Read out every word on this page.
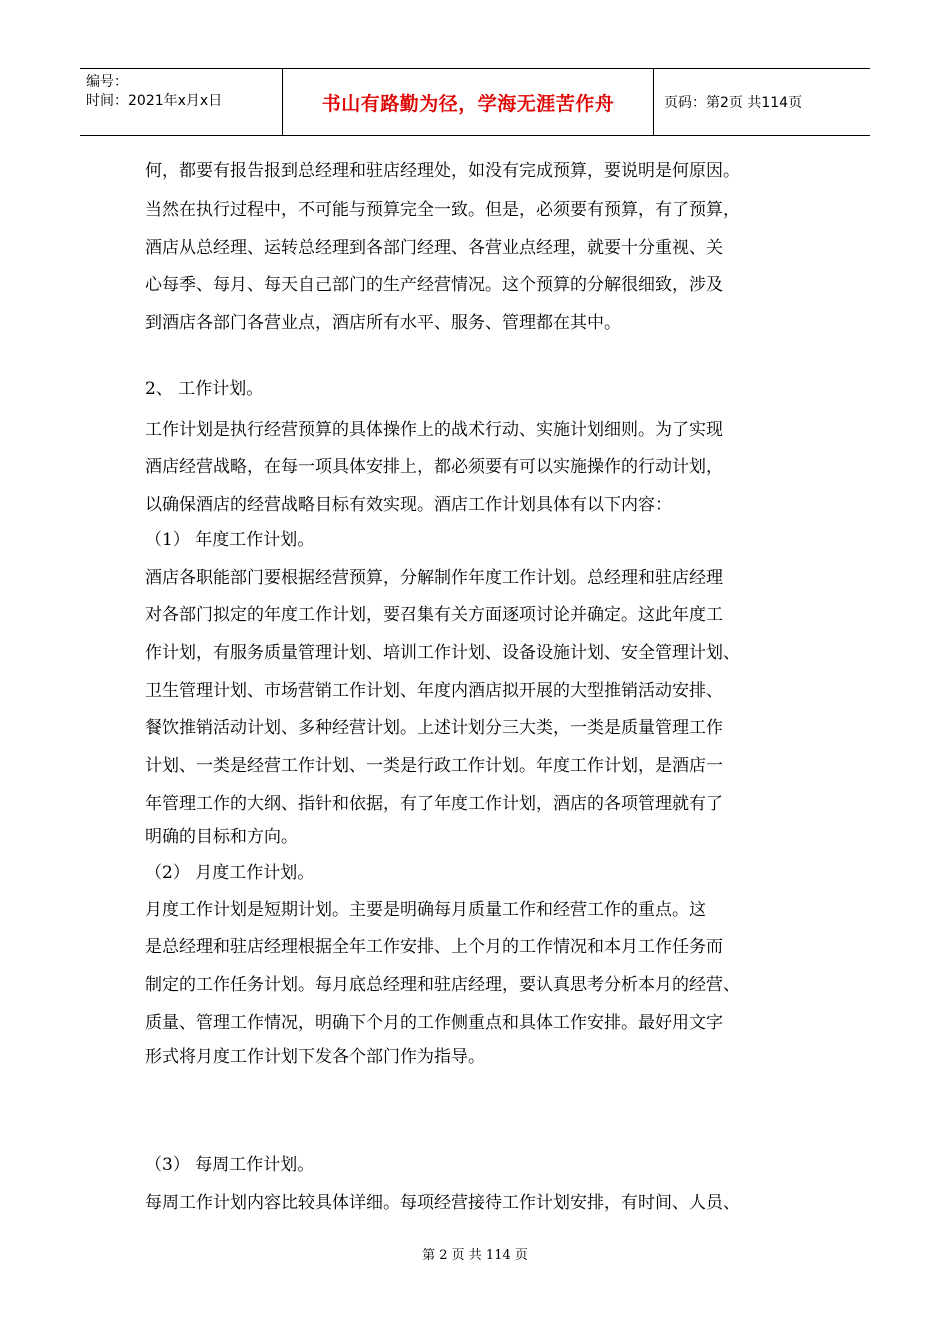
编号：
时间：2021年x月x日	书山有路勤为径，学海无涯苦作舟	页码：第2页 共114页
何，都要有报告报到总经理和驻店经理处，如没有完成预算，要说明是何原因。
当然在执行过程中，不可能与预算完全一致。但是，必须要有预算，有了预算，
酒店从总经理、运转总经理到各部门经理、各营业点经理，就要十分重视、关
心每季、每月、每天自己部门的生产经营情况。这个预算的分解很细致，涉及
到酒店各部门各营业点，酒店所有水平、服务、管理都在其中。
2、 工作计划。
工作计划是执行经营预算的具体操作上的战术行动、实施计划细则。为了实现
酒店经营战略，在每一项具体安排上，都必须要有可以实施操作的行动计划，
以确保酒店的经营战略目标有效实现。酒店工作计划具体有以下内容：
（1） 年度工作计划。
酒店各职能部门要根据经营预算，分解制作年度工作计划。总经理和驻店经理
对各部门拟定的年度工作计划，要召集有关方面逐项讨论并确定。这此年度工
作计划，有服务质量管理计划、培训工作计划、设备设施计划、安全管理计划、
卫生管理计划、市场营销工作计划、年度内酒店拟开展的大型推销活动安排、
餐饮推销活动计划、多种经营计划。上述计划分三大类，一类是质量管理工作
计划、一类是经营工作计划、一类是行政工作计划。年度工作计划，是酒店一
年管理工作的大纲、指针和依据，有了年度工作计划，酒店的各项管理就有了
明确的目标和方向。
（2） 月度工作计划。
月度工作计划是短期计划。主要是明确每月质量工作和经营工作的重点。这
是总经理和驻店经理根据全年工作安排、上个月的工作情况和本月工作任务而
制定的工作任务计划。每月底总经理和驻店经理，要认真思考分析本月的经营、
质量、管理工作情况，明确下个月的工作侧重点和具体工作安排。最好用文字
形式将月度工作计划下发各个部门作为指导。
（3） 每周工作计划。
每周工作计划内容比较具体详细。每项经营接待工作计划安排，有时间、人员、
第 2 页 共 114 页
